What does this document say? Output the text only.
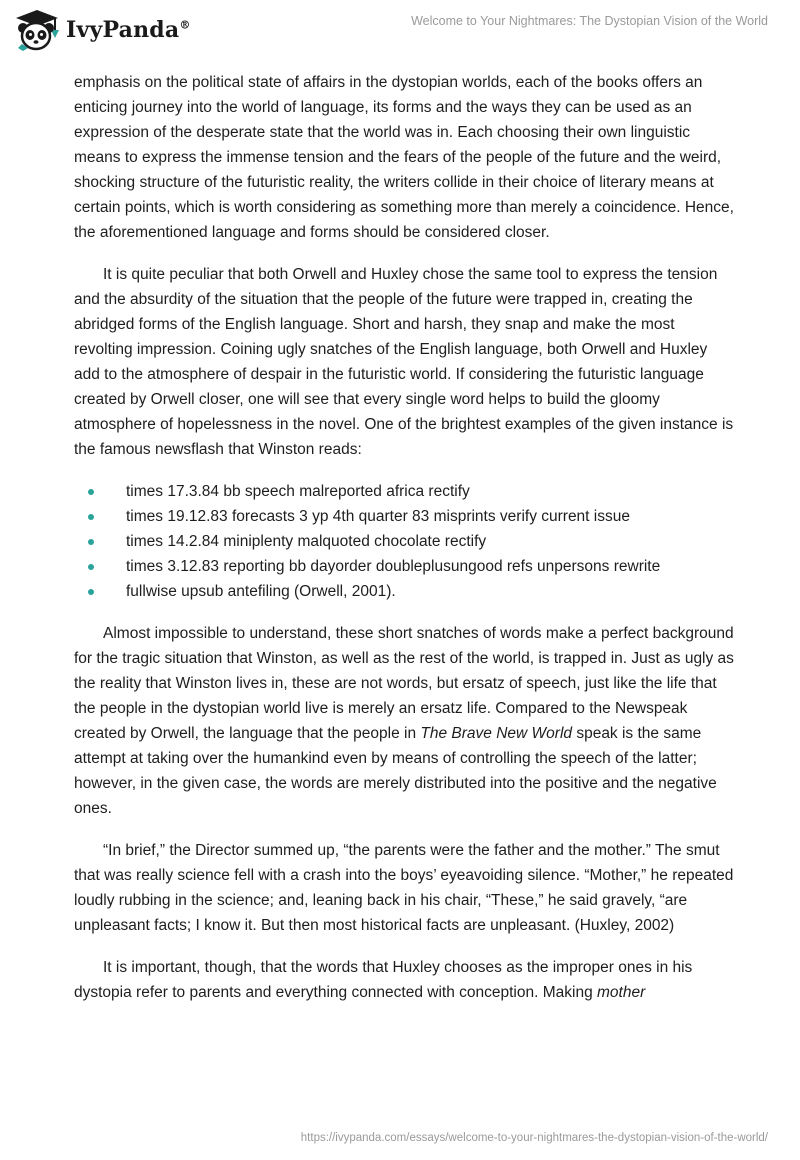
IvyPanda®	Welcome to Your Nightmares: The Dystopian Vision of the World

emphasis on the political state of affairs in the dystopian worlds, each of the books offers an enticing journey into the world of language, its forms and the ways they can be used as an expression of the desperate state that the world was in. Each choosing their own linguistic means to express the immense tension and the fears of the people of the future and the weird, shocking structure of the futuristic reality, the writers collide in their choice of literary means at certain points, which is worth considering as something more than merely a coincidence. Hence, the aforementioned language and forms should be considered closer.

It is quite peculiar that both Orwell and Huxley chose the same tool to express the tension and the absurdity of the situation that the people of the future were trapped in, creating the abridged forms of the English language. Short and harsh, they snap and make the most revolting impression. Coining ugly snatches of the English language, both Orwell and Huxley add to the atmosphere of despair in the futuristic world. If considering the futuristic language created by Orwell closer, one will see that every single word helps to build the gloomy atmosphere of hopelessness in the novel. One of the brightest examples of the given instance is the famous newsflash that Winston reads:

times 17.3.84 bb speech malreported africa rectify
times 19.12.83 forecasts 3 yp 4th quarter 83 misprints verify current issue
times 14.2.84 miniplenty malquoted chocolate rectify
times 3.12.83 reporting bb dayorder doubleplusungood refs unpersons rewrite
fullwise upsub antefiling (Orwell, 2001).

Almost impossible to understand, these short snatches of words make a perfect background for the tragic situation that Winston, as well as the rest of the world, is trapped in. Just as ugly as the reality that Winston lives in, these are not words, but ersatz of speech, just like the life that the people in the dystopian world live is merely an ersatz life. Compared to the Newspeak created by Orwell, the language that the people in The Brave New World speak is the same attempt at taking over the humankind even by means of controlling the speech of the latter; however, in the given case, the words are merely distributed into the positive and the negative ones.

“In brief,” the Director summed up, “the parents were the father and the mother.” The smut that was really science fell with a crash into the boys’ eyeavoiding silence. “Mother,” he repeated loudly rubbing in the science; and, leaning back in his chair, “These,” he said gravely, “are unpleasant facts; I know it. But then most historical facts are unpleasant. (Huxley, 2002)

It is important, though, that the words that Huxley chooses as the improper ones in his dystopia refer to parents and everything connected with conception. Making mother

https://ivypanda.com/essays/welcome-to-your-nightmares-the-dystopian-vision-of-the-world/
